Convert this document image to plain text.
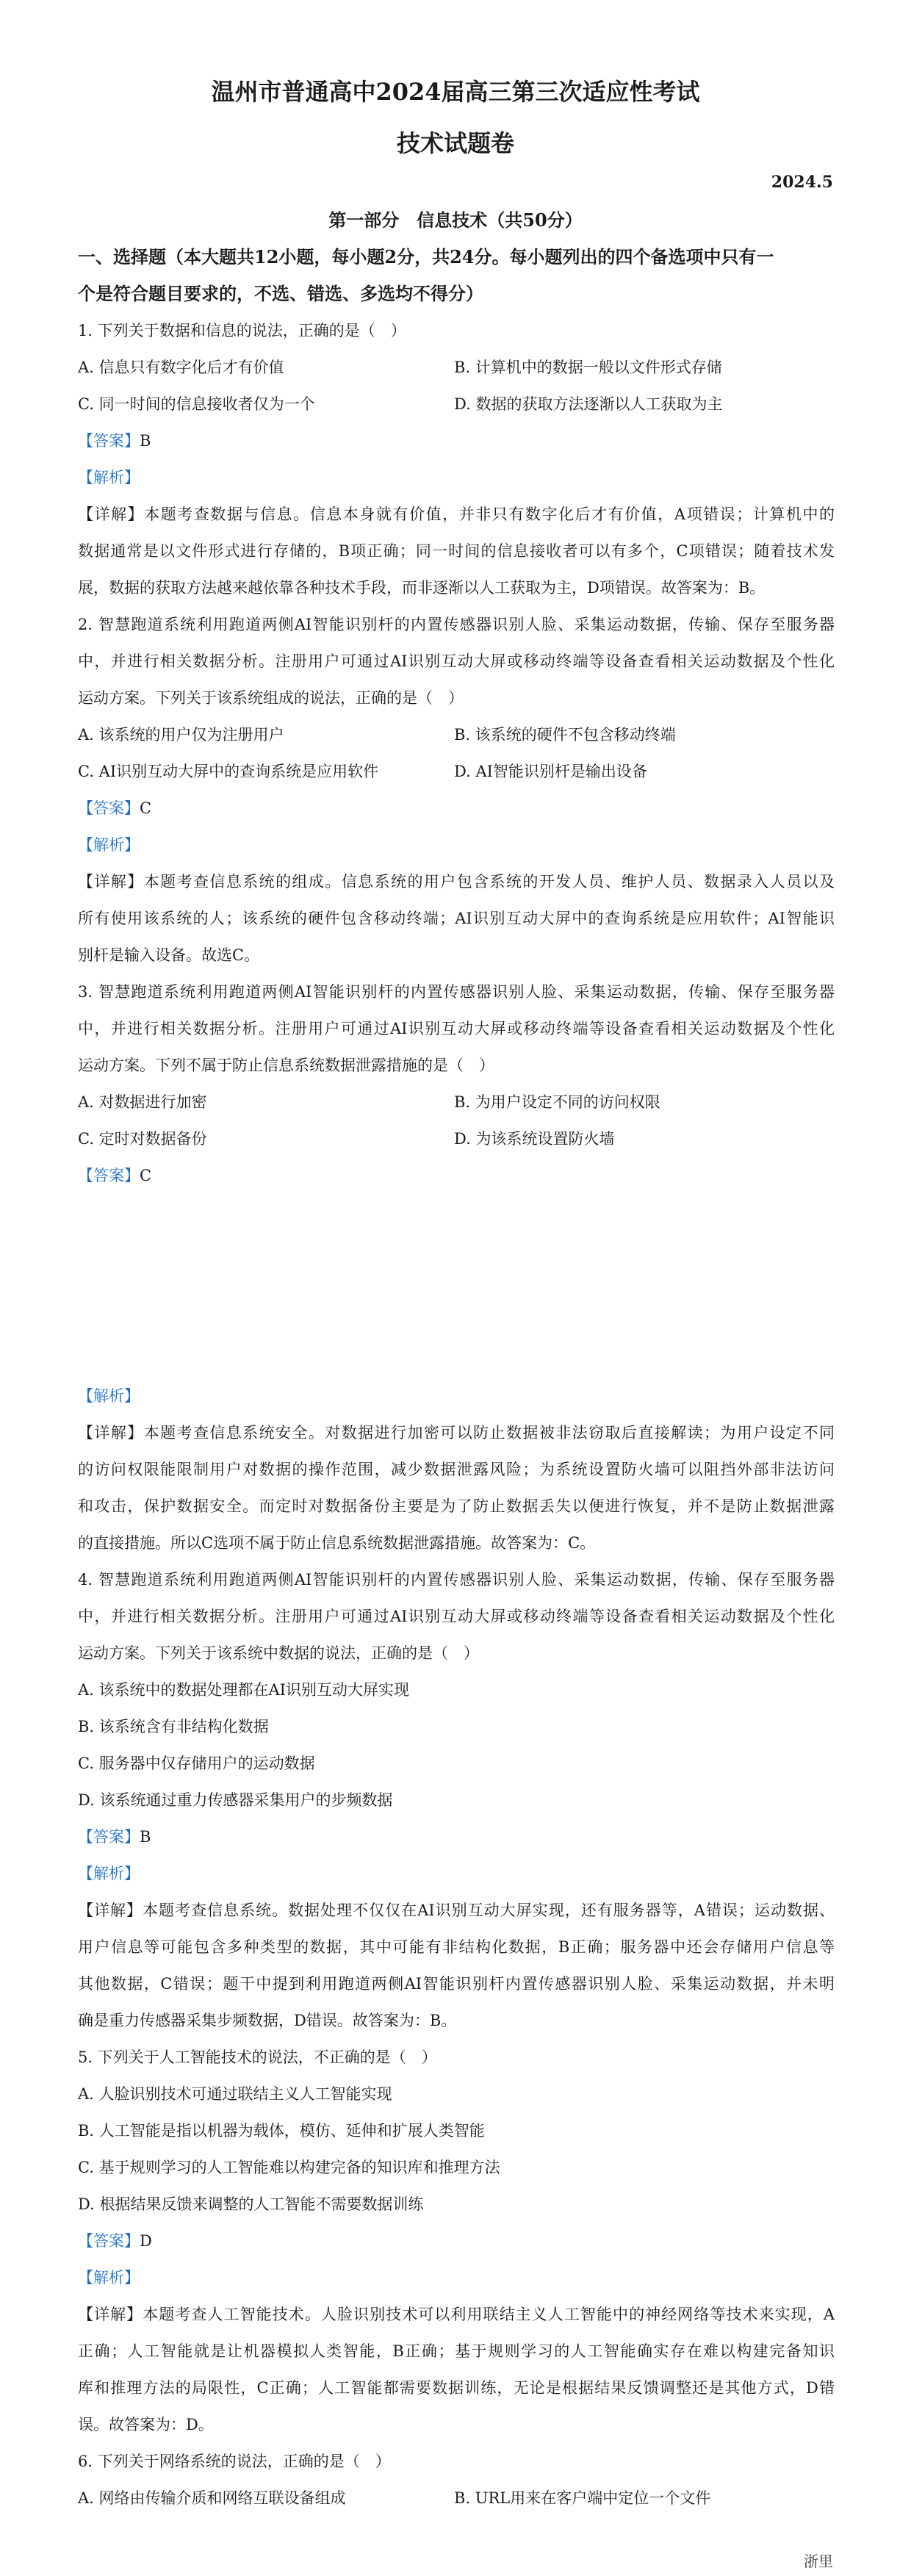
温州市普通高中2024届高三第三次适应性考试
技术试题卷
2024.5
第一部分　信息技术（共50分）
一、选择题（本大题共12小题，每小题2分，共24分。每小题列出的四个备选项中只有一
个是符合题目要求的，不选、错选、多选均不得分）
1. 下列关于数据和信息的说法，正确的是（　）
A. 信息只有数字化后才有价值	B. 计算机中的数据一般以文件形式存储
C. 同一时间的信息接收者仅为一个	D. 数据的获取方法逐渐以人工获取为主
【答案】B
【解析】
【详解】本题考查数据与信息。信息本身就有价值，并非只有数字化后才有价值，A项错误；计算机中的
数据通常是以文件形式进行存储的，B项正确；同一时间的信息接收者可以有多个，C项错误；随着技术发
展，数据的获取方法越来越依靠各种技术手段，而非逐渐以人工获取为主，D项错误。故答案为：B。
2. 智慧跑道系统利用跑道两侧AI智能识别杆的内置传感器识别人脸、采集运动数据，传输、保存至服务器
中，并进行相关数据分析。注册用户可通过AI识别互动大屏或移动终端等设备查看相关运动数据及个性化
运动方案。下列关于该系统组成的说法，正确的是（　）
A. 该系统的用户仅为注册用户	B. 该系统的硬件不包含移动终端
C. AI识别互动大屏中的查询系统是应用软件	D. AI智能识别杆是输出设备
【答案】C
【解析】
【详解】本题考查信息系统的组成。信息系统的用户包含系统的开发人员、维护人员、数据录入人员以及
所有使用该系统的人；该系统的硬件包含移动终端；AI识别互动大屏中的查询系统是应用软件；AI智能识
别杆是输入设备。故选C。
3. 智慧跑道系统利用跑道两侧AI智能识别杆的内置传感器识别人脸、采集运动数据，传输、保存至服务器
中，并进行相关数据分析。注册用户可通过AI识别互动大屏或移动终端等设备查看相关运动数据及个性化
运动方案。下列不属于防止信息系统数据泄露措施的是（　）
A. 对数据进行加密	B. 为用户设定不同的访问权限
C. 定时对数据备份	D. 为该系统设置防火墙
【答案】C
【解析】
【详解】本题考查信息系统安全。对数据进行加密可以防止数据被非法窃取后直接解读；为用户设定不同
的访问权限能限制用户对数据的操作范围，减少数据泄露风险；为系统设置防火墙可以阻挡外部非法访问
和攻击，保护数据安全。而定时对数据备份主要是为了防止数据丢失以便进行恢复，并不是防止数据泄露
的直接措施。所以C选项不属于防止信息系统数据泄露措施。故答案为：C。
4. 智慧跑道系统利用跑道两侧AI智能识别杆的内置传感器识别人脸、采集运动数据，传输、保存至服务器
中，并进行相关数据分析。注册用户可通过AI识别互动大屏或移动终端等设备查看相关运动数据及个性化
运动方案。下列关于该系统中数据的说法，正确的是（　）
A. 该系统中的数据处理都在AI识别互动大屏实现
B. 该系统含有非结构化数据
C. 服务器中仅存储用户的运动数据
D. 该系统通过重力传感器采集用户的步频数据
【答案】B
【解析】
【详解】本题考查信息系统。数据处理不仅仅在AI识别互动大屏实现，还有服务器等，A错误；运动数据、
用户信息等可能包含多种类型的数据，其中可能有非结构化数据，B正确；服务器中还会存储用户信息等
其他数据，C错误；题干中提到利用跑道两侧AI智能识别杆内置传感器识别人脸、采集运动数据，并未明
确是重力传感器采集步频数据，D错误。故答案为：B。
5. 下列关于人工智能技术的说法，不正确的是（　）
A. 人脸识别技术可通过联结主义人工智能实现
B. 人工智能是指以机器为载体，模仿、延伸和扩展人类智能
C. 基于规则学习的人工智能难以构建完备的知识库和推理方法
D. 根据结果反馈来调整的人工智能不需要数据训练
【答案】D
【解析】
【详解】本题考查人工智能技术。人脸识别技术可以利用联结主义人工智能中的神经网络等技术来实现，A
正确；人工智能就是让机器模拟人类智能，B正确；基于规则学习的人工智能确实存在难以构建完备知识
库和推理方法的局限性，C正确；人工智能都需要数据训练，无论是根据结果反馈调整还是其他方式，D错
误。故答案为：D。
6. 下列关于网络系统的说法，正确的是（　）
A. 网络由传输介质和网络互联设备组成	B. URL用来在客户端中定位一个文件
浙里
